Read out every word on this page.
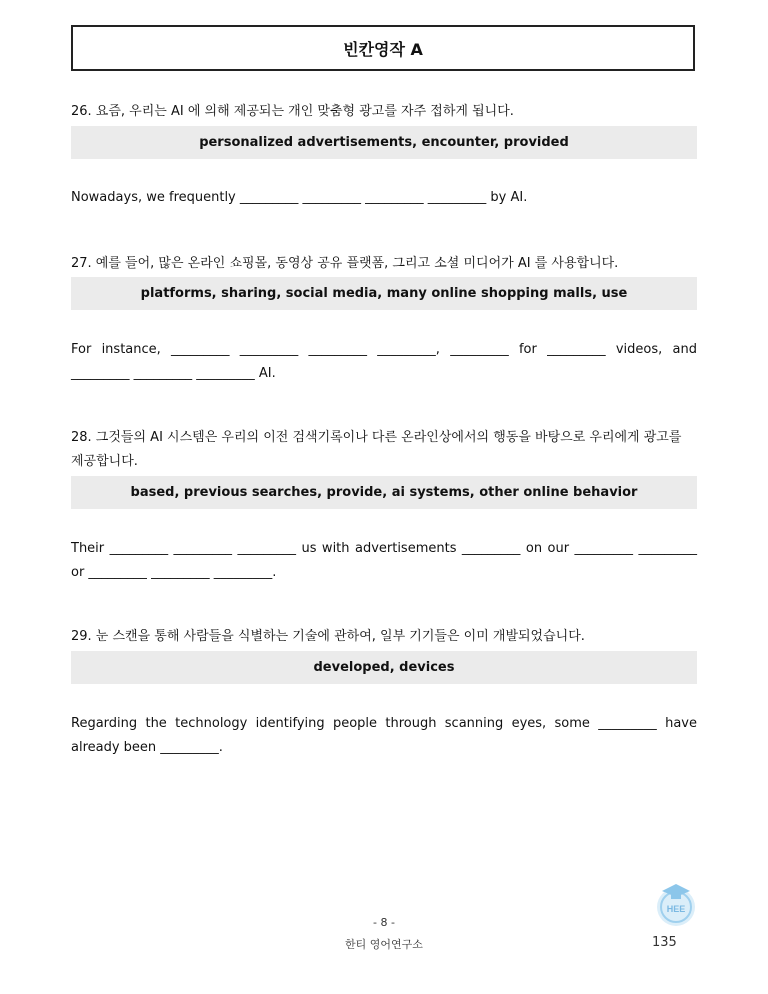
빈칸영작 A
26. 요즘, 우리는 AI 에 의해 제공되는 개인 맞춤형 광고를 자주 접하게 됩니다.
personalized advertisements, encounter, provided
Nowadays, we frequently _________ _________ _________ _________ by AI.
27. 예를 들어, 많은 온라인 쇼핑몰, 동영상 공유 플랫폼, 그리고 소셜 미디어가 AI 를 사용합니다.
platforms, sharing, social media, many online shopping malls, use
For instance, _________ _________ _________ _________, _________ for _________ videos, and _________ _________ _________ AI.
28. 그것들의 AI 시스템은 우리의 이전 검색기록이나 다른 온라인상에서의 행동을 바탕으로 우리에게 광고를 제공합니다.
based, previous searches, provide, ai systems, other online behavior
Their _________ _________ _________ us with advertisements _________ on our _________ _________ or _________ _________ _________.
29. 눈 스캔을 통해 사람들을 식별하는 기술에 관하여, 일부 기기들은 이미 개발되었습니다.
developed, devices
Regarding the technology identifying people through scanning eyes, some _________ have already been _________.
- 8 -
한티 영어연구소
HEE
135
